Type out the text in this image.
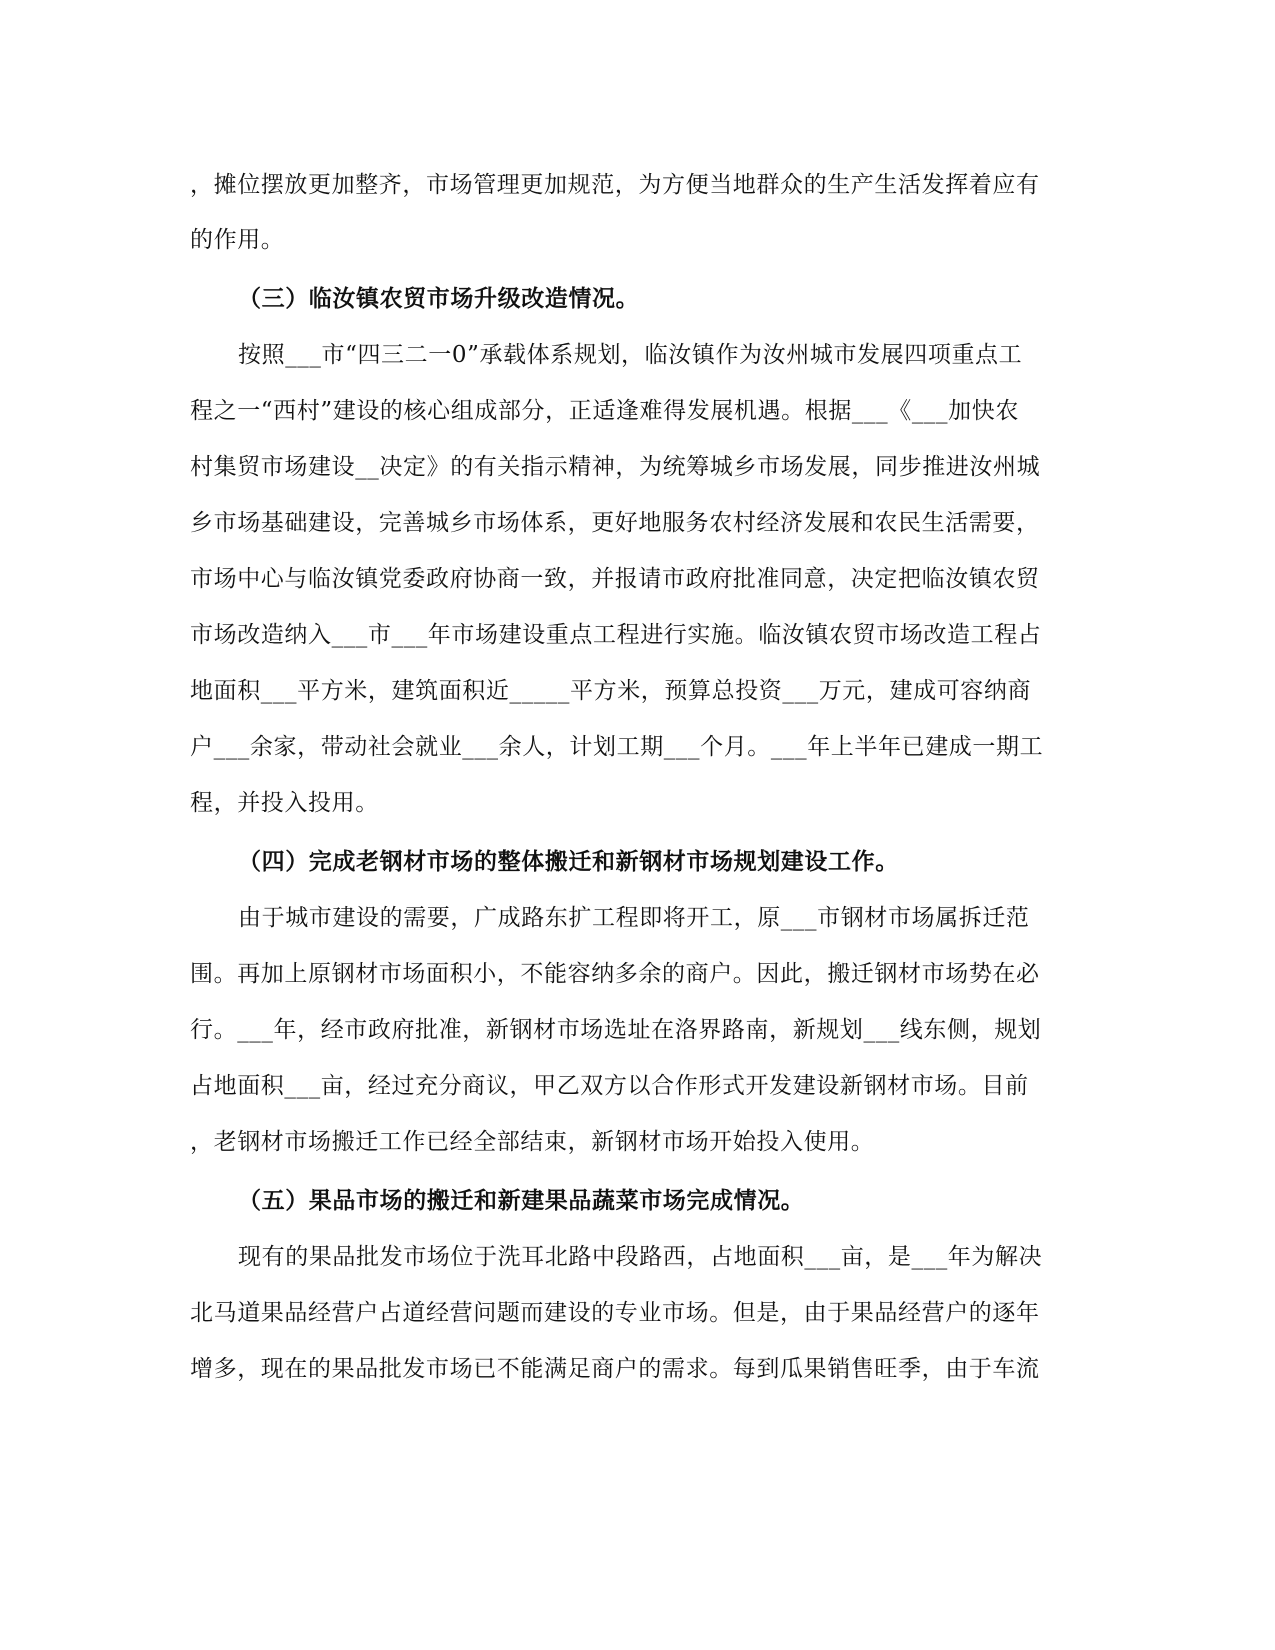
，摊位摆放更加整齐，市场管理更加规范，为方便当地群众的生产生活发挥着应有
的作用。
（三）临汝镇农贸市场升级改造情况。
按照___市“四三二一0”承载体系规划，临汝镇作为汝州城市发展四项重点工
程之一“西村”建设的核心组成部分，正适逢难得发展机遇。根据___《___加快农
村集贸市场建设__决定》的有关指示精神，为统筹城乡市场发展，同步推进汝州城
乡市场基础建设，完善城乡市场体系，更好地服务农村经济发展和农民生活需要，
市场中心与临汝镇党委政府协商一致，并报请市政府批准同意，决定把临汝镇农贸
市场改造纳入___市___年市场建设重点工程进行实施。临汝镇农贸市场改造工程占
地面积___平方米，建筑面积近_____平方米，预算总投资___万元，建成可容纳商
户___余家，带动社会就业___余人，计划工期___个月。___年上半年已建成一期工
程，并投入投用。
（四）完成老钢材市场的整体搬迁和新钢材市场规划建设工作。
由于城市建设的需要，广成路东扩工程即将开工，原___市钢材市场属拆迁范
围。再加上原钢材市场面积小，不能容纳多余的商户。因此，搬迁钢材市场势在必
行。___年，经市政府批准，新钢材市场选址在洛界路南，新规划___线东侧，规划
占地面积___亩，经过充分商议，甲乙双方以合作形式开发建设新钢材市场。目前
，老钢材市场搬迁工作已经全部结束，新钢材市场开始投入使用。
（五）果品市场的搬迁和新建果品蔬菜市场完成情况。
现有的果品批发市场位于洗耳北路中段路西，占地面积___亩，是___年为解决
北马道果品经营户占道经营问题而建设的专业市场。但是，由于果品经营户的逐年
增多，现在的果品批发市场已不能满足商户的需求。每到瓜果销售旺季，由于车流
